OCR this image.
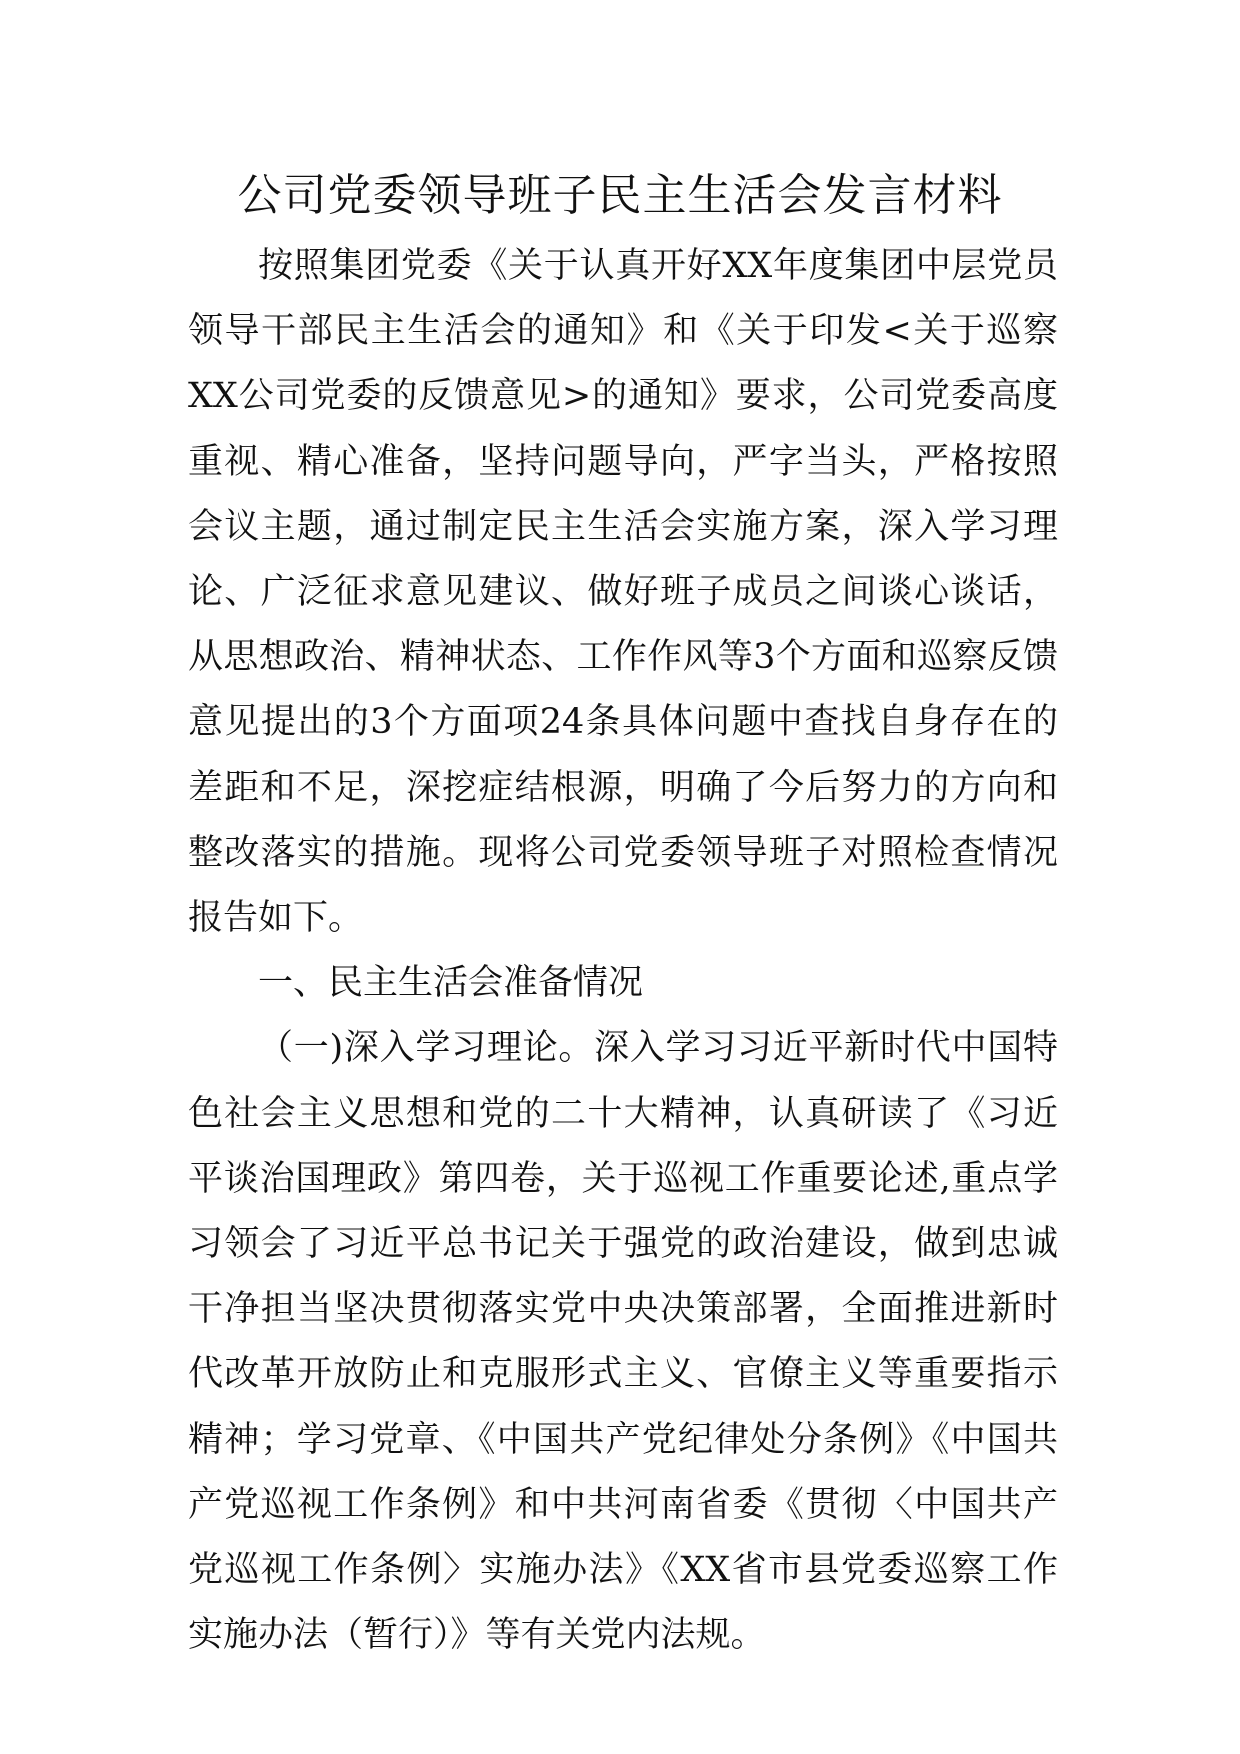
公司党委领导班子民主生活会发言材料

按照集团党委《关于认真开好XX年度集团中层党员领导干部民主生活会的通知》和《关于印发<关于巡察XX公司党委的反馈意见>的通知》要求，公司党委高度重视、精心准备，坚持问题导向，严字当头，严格按照会议主题，通过制定民主生活会实施方案，深入学习理论、广泛征求意见建议、做好班子成员之间谈心谈话，从思想政治、精神状态、工作作风等3个方面和巡察反馈意见提出的3个方面项24条具体问题中查找自身存在的差距和不足，深挖症结根源，明确了今后努力的方向和整改落实的措施。现将公司党委领导班子对照检查情况报告如下。

一、民主生活会准备情况

（一)深入学习理论。深入学习习近平新时代中国特色社会主义思想和党的二十大精神，认真研读了《习近平谈治国理政》第四卷，关于巡视工作重要论述,重点学习领会了习近平总书记关于强党的政治建设，做到忠诚干净担当坚决贯彻落实党中央决策部署，全面推进新时代改革开放防止和克服形式主义、官僚主义等重要指示精神；学习党章、《中国共产党纪律处分条例》《中国共产党巡视工作条例》和中共河南省委《贯彻〈中国共产党巡视工作条例〉实施办法》《XX省市县党委巡察工作实施办法（暂行）》等有关党内法规。
